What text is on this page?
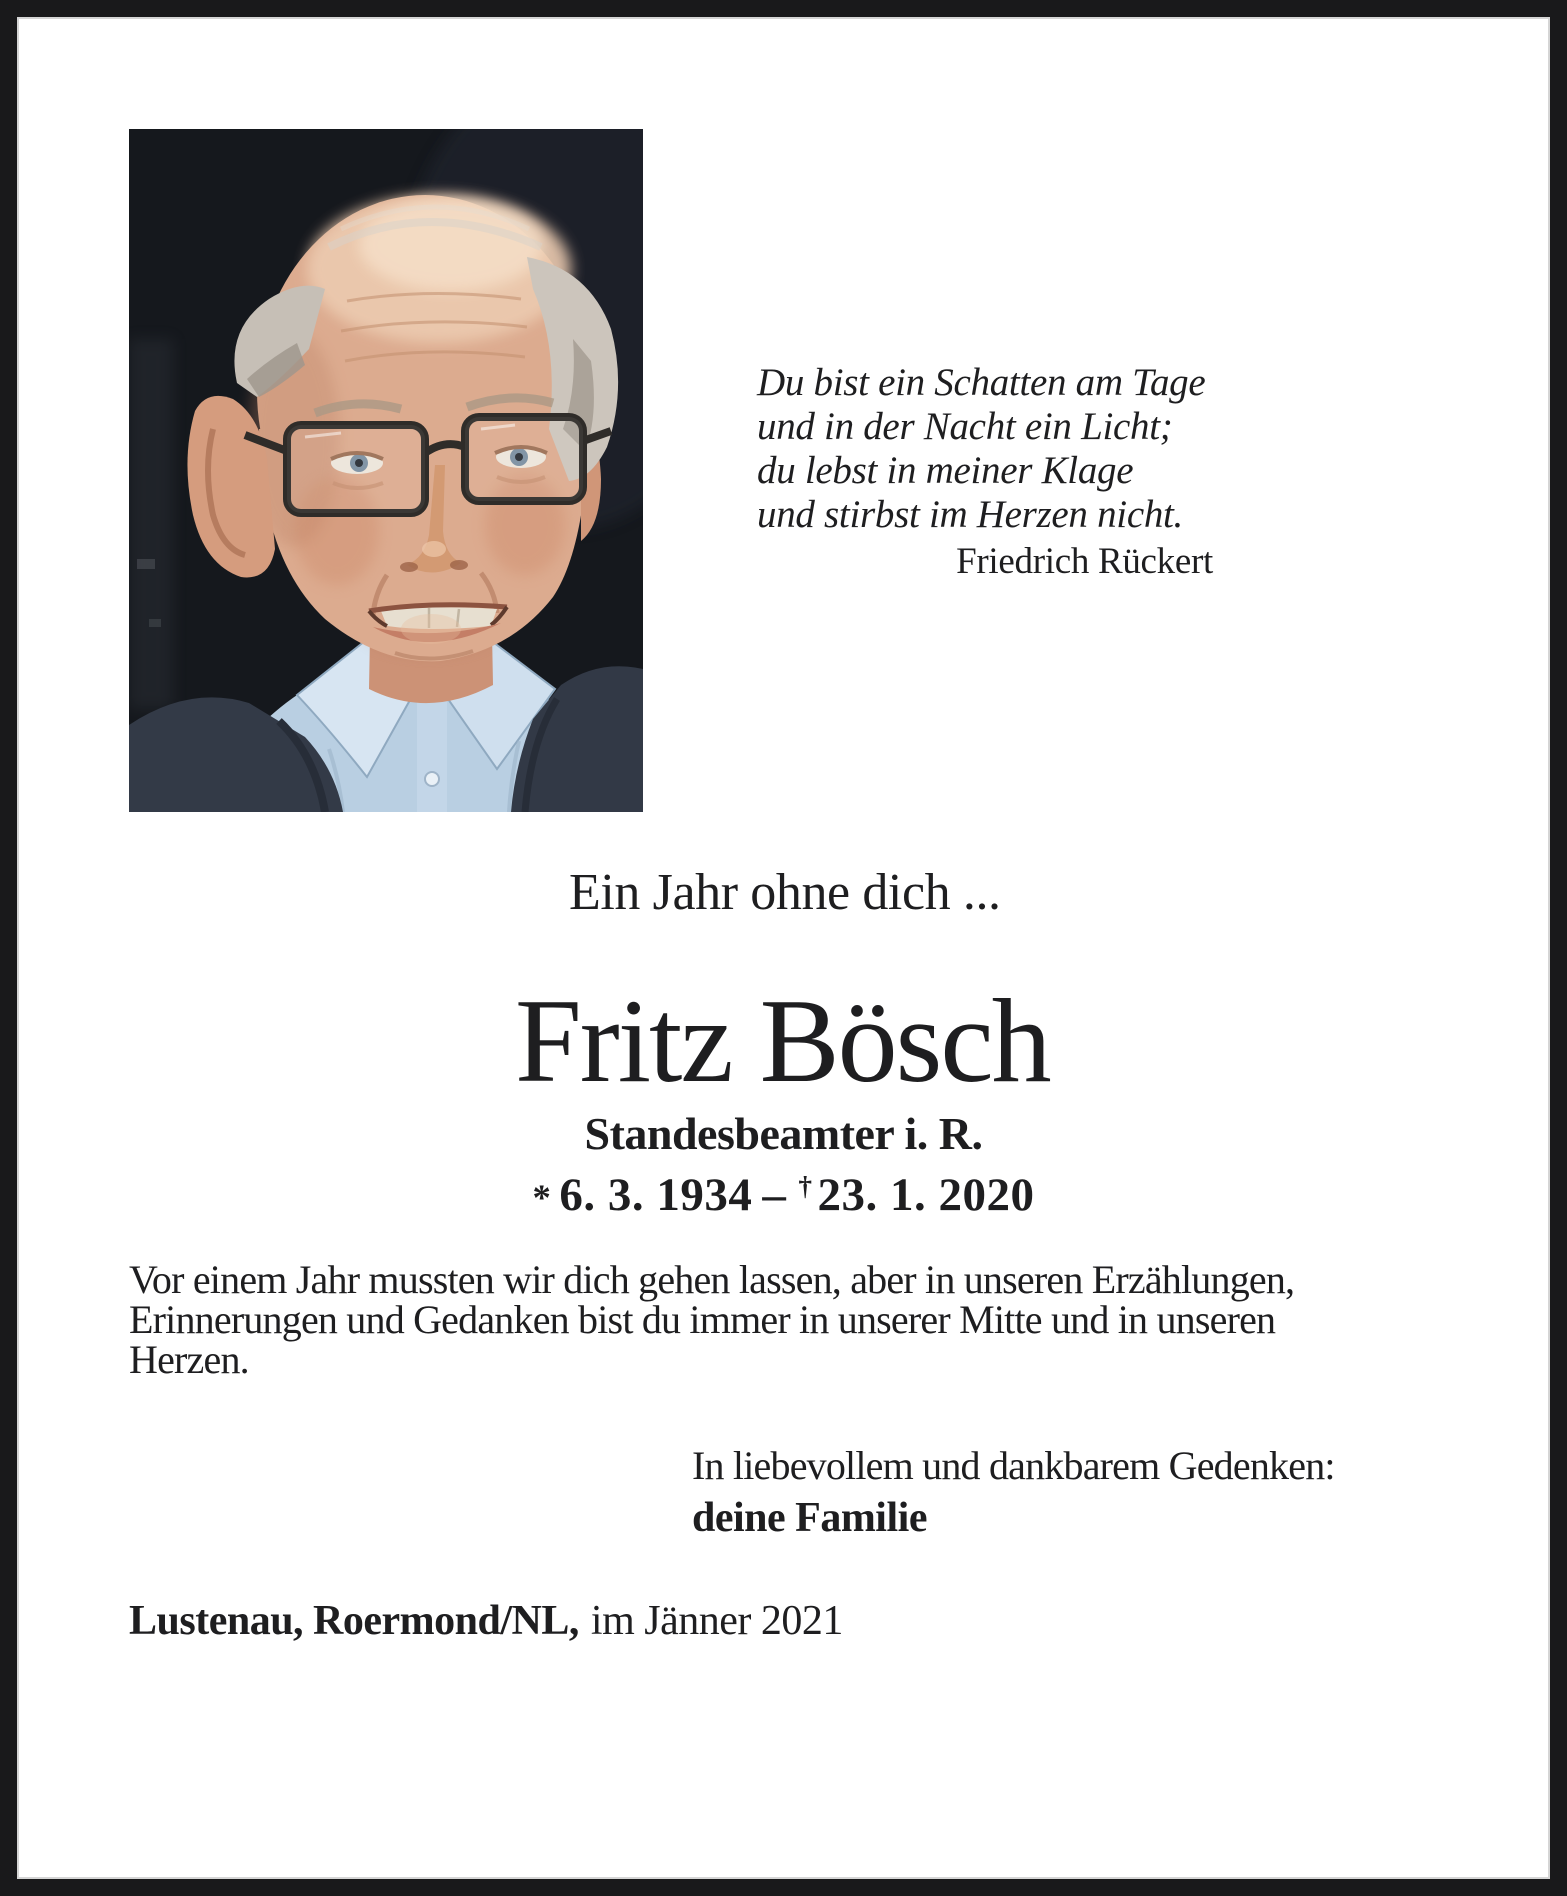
Du bist ein Schatten am Tage
und in der Nacht ein Licht;
du lebst in meiner Klage
und stirbst im Herzen nicht.
Friedrich Rückert
Ein Jahr ohne dich ...
Fritz Bösch
Standesbeamter i. R.
* 6. 3. 1934 – † 23. 1. 2020
Vor einem Jahr mussten wir dich gehen lassen, aber in unseren Erzählungen,
Erinnerungen und Gedanken bist du immer in unserer Mitte und in unseren
Herzen.
In liebevollem und dankbarem Gedenken:
deine Familie
Lustenau, Roermond/NL, im Jänner 2021
